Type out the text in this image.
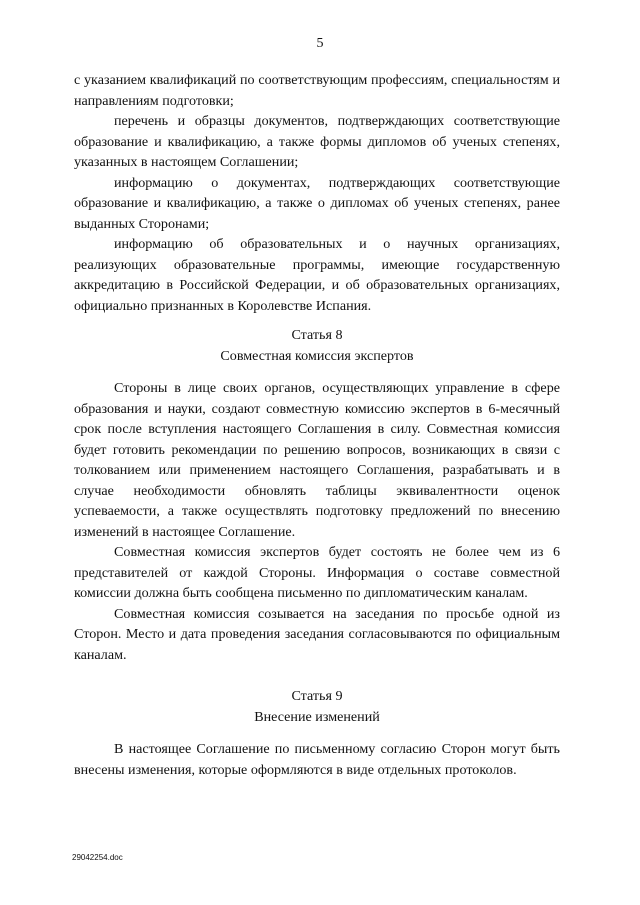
5

с указанием квалификаций по соответствующим профессиям, специальностям и направлениям подготовки;

перечень и образцы документов, подтверждающих соответствующие образование и квалификацию, а также формы дипломов об ученых степенях, указанных в настоящем Соглашении;

информацию о документах, подтверждающих соответствующие образование и квалификацию, а также о дипломах об ученых степенях, ранее выданных Сторонами;

информацию об образовательных и о научных организациях, реализующих образовательные программы, имеющие государственную аккредитацию в Российской Федерации, и об образовательных организациях, официально признанных в Королевстве Испания.

Статья 8

Совместная комиссия экспертов

Стороны в лице своих органов, осуществляющих управление в сфере образования и науки, создают совместную комиссию экспертов в 6-месячный срок после вступления настоящего Соглашения в силу. Совместная комиссия будет готовить рекомендации по решению вопросов, возникающих в связи с толкованием или применением настоящего Соглашения, разрабатывать и в случае необходимости обновлять таблицы эквивалентности оценок успеваемости, а также осуществлять подготовку предложений по внесению изменений в настоящее Соглашение.

Совместная комиссия экспертов будет состоять не более чем из 6 представителей от каждой Стороны. Информация о составе совместной комиссии должна быть сообщена письменно по дипломатическим каналам.

Совместная комиссия созывается на заседания по просьбе одной из Сторон. Место и дата проведения заседания согласовываются по официальным каналам.

Статья 9

Внесение изменений

В настоящее Соглашение по письменному согласию Сторон могут быть внесены изменения, которые оформляются в виде отдельных протоколов.

29042254.doc
